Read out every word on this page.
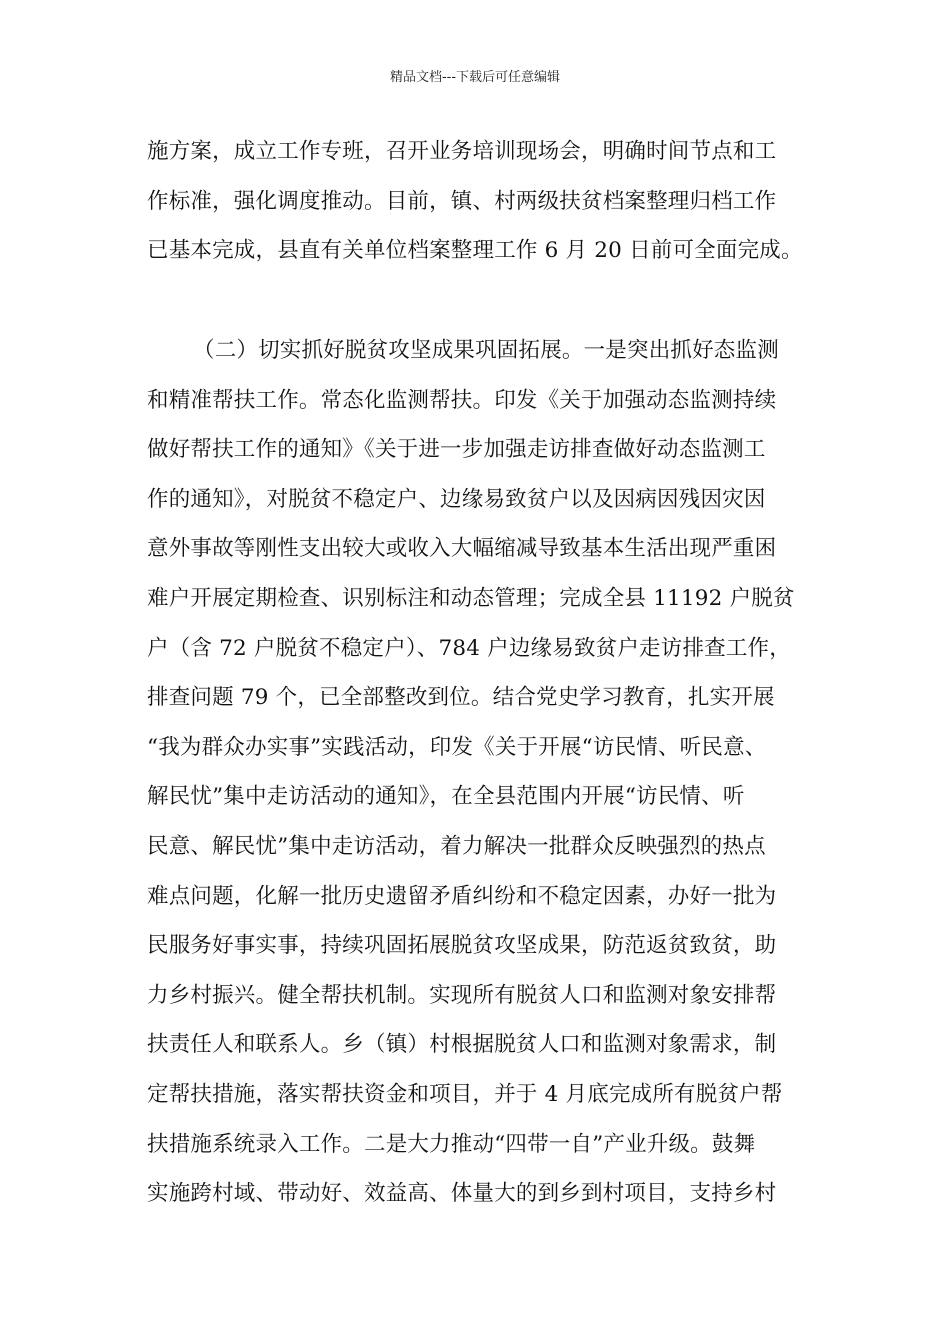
精品文档---下载后可任意编辑
施方案，成立工作专班，召开业务培训现场会，明确时间节点和工
作标准，强化调度推动。目前，镇、村两级扶贫档案整理归档工作
已基本完成，县直有关单位档案整理工作 6 月 20 日前可全面完成。
（二）切实抓好脱贫攻坚成果巩固拓展。一是突出抓好态监测
和精准帮扶工作。常态化监测帮扶。印发《关于加强动态监测持续
做好帮扶工作的通知》《关于进一步加强走访排查做好动态监测工
作的通知》，对脱贫不稳定户、边缘易致贫户以及因病因残因灾因
意外事故等刚性支出较大或收入大幅缩减导致基本生活出现严重困
难户开展定期检查、识别标注和动态管理；完成全县 11192 户脱贫
户（含 72 户脱贫不稳定户）、784 户边缘易致贫户走访排查工作，
排查问题 79 个，已全部整改到位。结合党史学习教育，扎实开展
“我为群众办实事”实践活动，印发《关于开展“访民情、听民意、
解民忧”集中走访活动的通知》，在全县范围内开展“访民情、听
民意、解民忧”集中走访活动，着力解决一批群众反映强烈的热点
难点问题，化解一批历史遗留矛盾纠纷和不稳定因素，办好一批为
民服务好事实事，持续巩固拓展脱贫攻坚成果，防范返贫致贫，助
力乡村振兴。健全帮扶机制。实现所有脱贫人口和监测对象安排帮
扶责任人和联系人。乡（镇）村根据脱贫人口和监测对象需求，制
定帮扶措施，落实帮扶资金和项目，并于 4 月底完成所有脱贫户帮
扶措施系统录入工作。二是大力推动“四带一自”产业升级。鼓舞
实施跨村域、带动好、效益高、体量大的到乡到村项目，支持乡村
